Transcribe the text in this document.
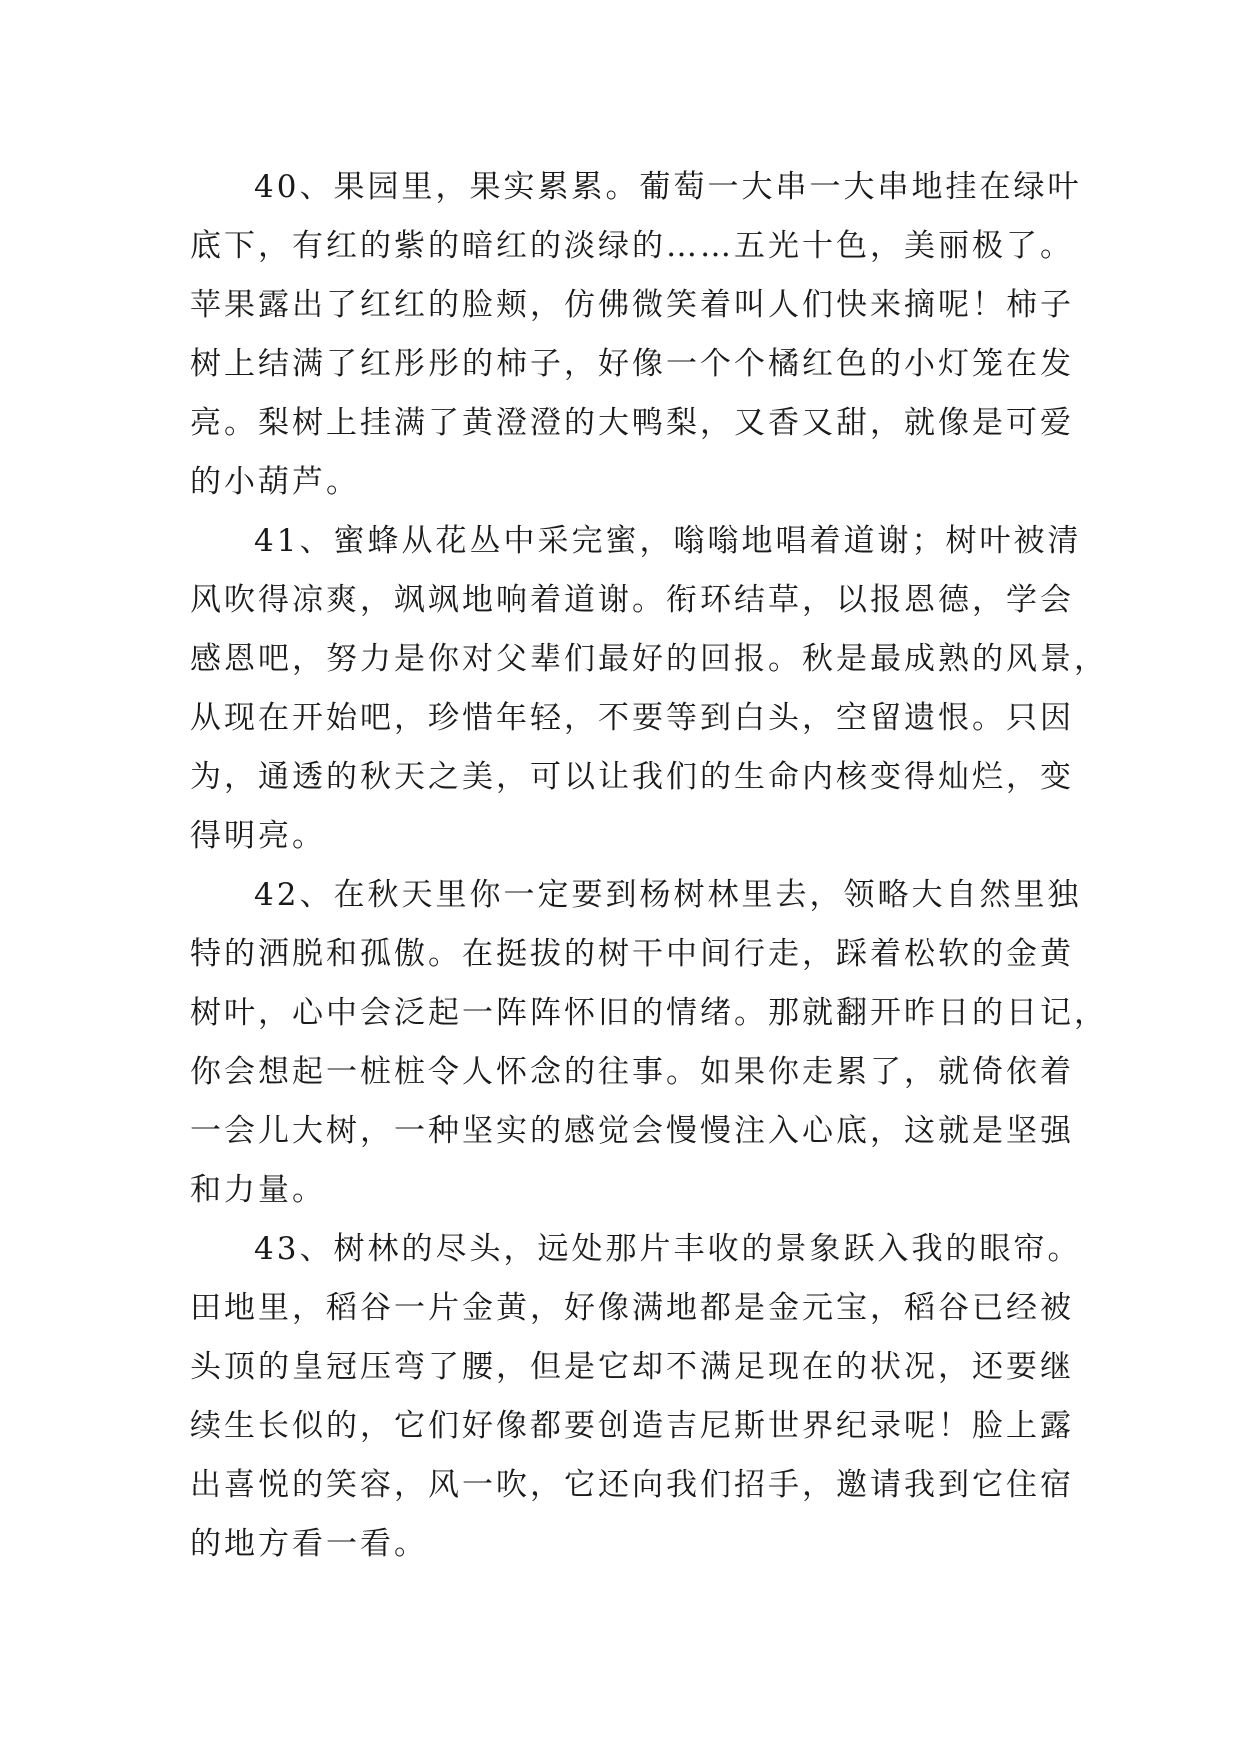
40、果园里，果实累累。葡萄一大串一大串地挂在绿叶
底下，有红的紫的暗红的淡绿的……五光十色，美丽极了。
苹果露出了红红的脸颊，仿佛微笑着叫人们快来摘呢！柿子
树上结满了红彤彤的柿子，好像一个个橘红色的小灯笼在发
亮。梨树上挂满了黄澄澄的大鸭梨，又香又甜，就像是可爱
的小葫芦。
41、蜜蜂从花丛中采完蜜，嗡嗡地唱着道谢；树叶被清
风吹得凉爽，飒飒地响着道谢。衔环结草，以报恩德，学会
感恩吧，努力是你对父辈们最好的回报。秋是最成熟的风景，
从现在开始吧，珍惜年轻，不要等到白头，空留遗恨。只因
为，通透的秋天之美，可以让我们的生命内核变得灿烂，变
得明亮。
42、在秋天里你一定要到杨树林里去，领略大自然里独
特的洒脱和孤傲。在挺拔的树干中间行走，踩着松软的金黄
树叶，心中会泛起一阵阵怀旧的情绪。那就翻开昨日的日记，
你会想起一桩桩令人怀念的往事。如果你走累了，就倚依着
一会儿大树，一种坚实的感觉会慢慢注入心底，这就是坚强
和力量。
43、树林的尽头，远处那片丰收的景象跃入我的眼帘。
田地里，稻谷一片金黄，好像满地都是金元宝，稻谷已经被
头顶的皇冠压弯了腰，但是它却不满足现在的状况，还要继
续生长似的，它们好像都要创造吉尼斯世界纪录呢！脸上露
出喜悦的笑容，风一吹，它还向我们招手，邀请我到它住宿
的地方看一看。
